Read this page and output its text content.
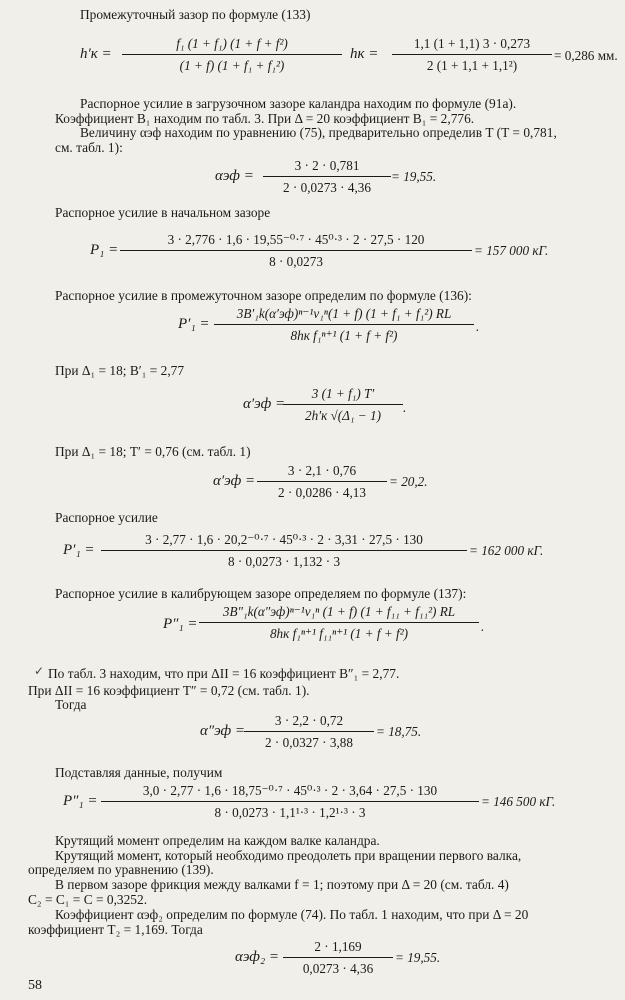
Промежуточный зазор по формуле (133)
h′к =
f₁ (1 + f₁) (1 + f + f²)
(1 + f) (1 + f₁ + f₁²)
hк =
1,1 (1 + 1,1) 3 · 0,273
2 (1 + 1,1 + 1,1²)
= 0,286 мм.
Распорное усилие в загрузочном зазоре каландра находим по формуле (91а).
Коэффициент B₁ находим по табл. 3. При Δ = 20 коэффициент B₁ = 2,776.
Величину αэф находим по уравнению (75), предварительно определив T (T = 0,781,
см. табл. 1):
αэф =
3 · 2 · 0,781
2 · 0,0273 · 4,36
= 19,55.
Распорное усилие в начальном зазоре
P₁ =
3 · 2,776 · 1,6 · 19,55⁻⁰·⁷ · 45⁰·³ · 2 · 27,5 · 120
8 · 0,0273
= 157 000 кГ.
Распорное усилие в промежуточном зазоре определим по формуле (136):
P′₁ =
3B′₁k(α′эф)ⁿ⁻¹v₁ⁿ(1 + f) (1 + f₁ + f₁²) RL
8hк f₁ⁿ⁺¹ (1 + f + f²)
.
При Δ₁ = 18; B′₁ = 2,77
α′эф =
3 (1 + f₁) T′
2h′к √(Δ₁ − 1)
.
При Δ₁ = 18; T′ = 0,76 (см. табл. 1)
α′эф =
3 · 2,1 · 0,76
2 · 0,0286 · 4,13
= 20,2.
Распорное усилие
P′₁ =
3 · 2,77 · 1,6 · 20,2⁻⁰·⁷ · 45⁰·³ · 2 · 3,31 · 27,5 · 130
8 · 0,0273 · 1,132 · 3
= 162 000 кГ.
Распорное усилие в калибрующем зазоре определяем по формуле (137):
P″₁ =
3B″₁k(α″эф)ⁿ⁻¹v₁ⁿ (1 + f) (1 + f₁₁ + f₁₁²) RL
8hк f₁ⁿ⁺¹ f₁₁ⁿ⁺¹ (1 + f + f²)	.
✓ По табл. 3 находим, что при ΔII = 16 коэффициент B″₁ = 2,77.
При ΔII = 16 коэффициент T″ = 0,72 (см. табл. 1).
Тогда
α″эф =
3 · 2,2 · 0,72
2 · 0,0327 · 3,88
= 18,75.
Подставляя данные, получим
P″₁ =
3,0 · 2,77 · 1,6 · 18,75⁻⁰·⁷ · 45⁰·³ · 2 · 3,64 · 27,5 · 130
8 · 0,0273 · 1,1¹·³ · 1,2¹·³ · 3
= 146 500 кГ.
Крутящий момент определим на каждом валке каландра.
Крутящий момент, который необходимо преодолеть при вращении первого валка,
определяем по уравнению (139).
В первом зазоре фрикция между валками f = 1; поэтому при Δ = 20 (см. табл. 4)
C₂ = C₁ = C = 0,3252.
Коэффициент αэф₂ определим по формуле (74). По табл. 1 находим, что при Δ = 20
коэффициент T₂ = 1,169. Тогда
αэф₂ =
2 · 1,169
0,0273 · 4,36
= 19,55.
58
